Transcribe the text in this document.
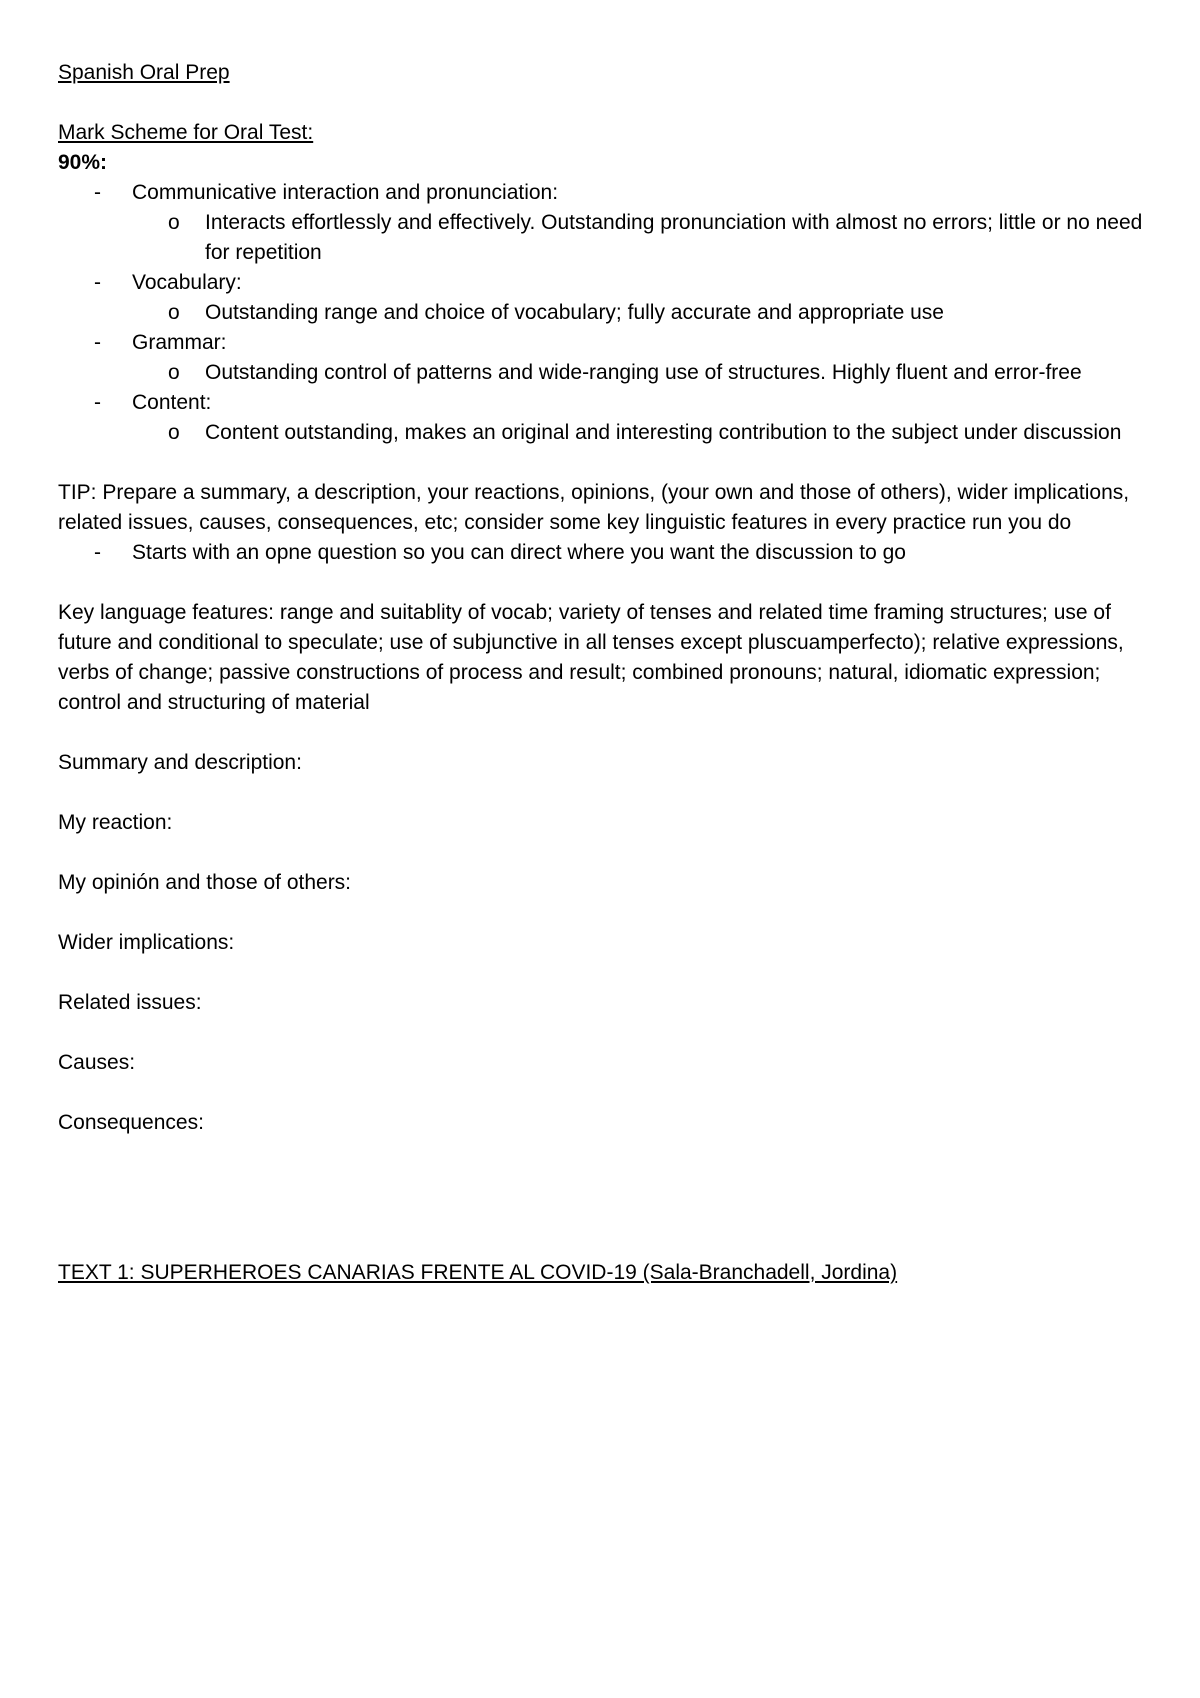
Spanish Oral Prep

Mark Scheme for Oral Test:

90%:

- Communicative interaction and pronunciation:
o Interacts effortlessly and effectively. Outstanding pronunciation with almost no errors; little or no need for repetition
- Vocabulary:
o Outstanding range and choice of vocabulary; fully accurate and appropriate use
- Grammar:
o Outstanding control of patterns and wide-ranging use of structures. Highly fluent and error-free
- Content:
o Content outstanding, makes an original and interesting contribution to the subject under discussion

TIP: Prepare a summary, a description, your reactions, opinions, (your own and those of others), wider implications, related issues, causes, consequences, etc; consider some key linguistic features in every practice run you do

- Starts with an opne question so you can direct where you want the discussion to go

Key language features: range and suitablity of vocab; variety of tenses and related time framing structures; use of future and conditional to speculate; use of subjunctive in all tenses except pluscuamperfecto); relative expressions, verbs of change; passive constructions of process and result; combined pronouns; natural, idiomatic expression; control and structuring of material

Summary and description:

My reaction:

My opinión and those of others:

Wider implications:

Related issues:

Causes:

Consequences:

TEXT 1: SUPERHEROES CANARIAS FRENTE AL COVID-19 (Sala-Branchadell, Jordina)
